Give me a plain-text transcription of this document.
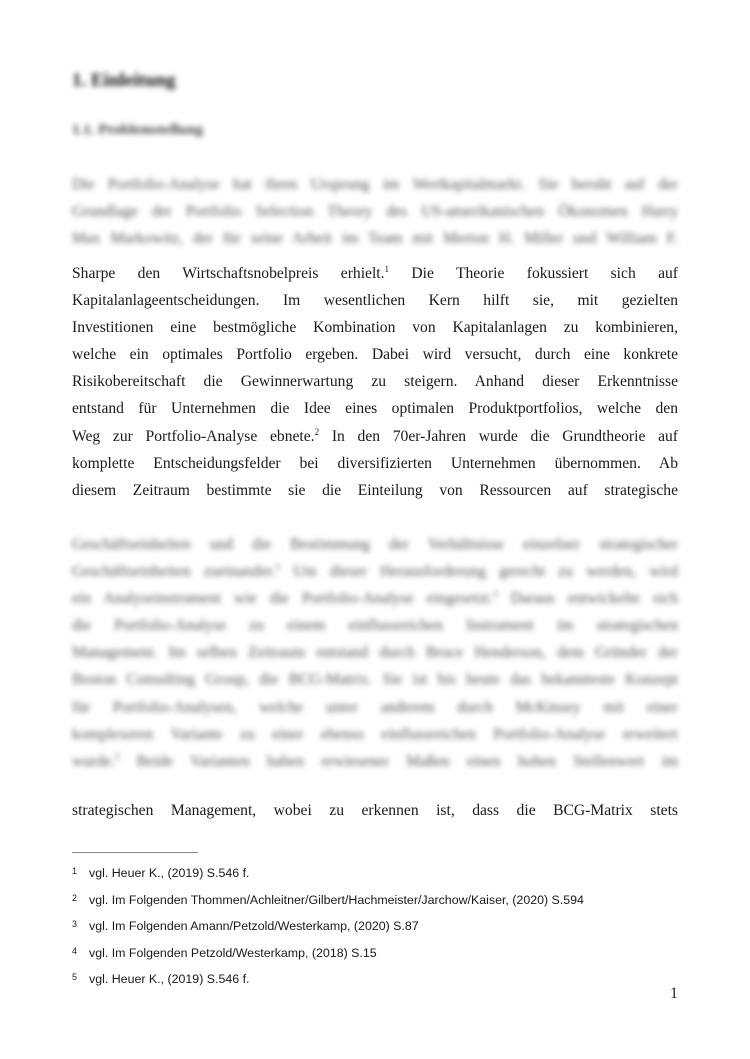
1. Einleitung
1.1. Problemstellung
Die Portfolio-Analyse hat ihren Ursprung im Wertkapitalmarkt. Sie beruht auf der
Grundlage der Portfolio Selection Theory des US-amerikanischen Ökonomen Harry
Max Markowitz, der für seine Arbeit im Team mit Merton H. Miller und William F.
Sharpe den Wirtschaftsnobelpreis erhielt.$^1$ Die Theorie fokussiert sich auf
Kapitalanlageentscheidungen. Im wesentlichen Kern hilft sie, mit gezielten
Investitionen eine bestmögliche Kombination von Kapitalanlagen zu kombinieren,
welche ein optimales Portfolio ergeben. Dabei wird versucht, durch eine konkrete
Risikobereitschaft die Gewinnerwartung zu steigern. Anhand dieser Erkenntnisse
entstand für Unternehmen die Idee eines optimalen Produktportfolios, welche den
Weg zur Portfolio-Analyse ebnete.$^2$ In den 70er-Jahren wurde die Grundtheorie auf
komplette Entscheidungsfelder bei diversifizierten Unternehmen übernommen. Ab
diesem Zeitraum bestimmte sie die Einteilung von Ressourcen auf strategische
Geschäftseinheiten und die Bestimmung der Verhältnisse einzelner strategischer
Geschäftseinheiten zueinander.$^3$ Um dieser Herausforderung gerecht zu werden, wird
ein Analyseinstrument wie die Portfolio-Analyse eingesetzt.$^4$ Daraus entwickelte sich
die Portfolio-Analyse zu einem einflussreichen Instrument im strategischen
Management. Im selben Zeitraum entstand durch Bruce Henderson, dem Gründer der
Boston Consulting Group, die BCG-Matrix. Sie ist bis heute das bekannteste Konzept
für Portfolio-Analysen, welche unter anderem durch McKinsey mit einer
komplexeren Variante zu einer ebenso einflussreichen Portfolio-Analyse erweitert
wurde.$^5$ Beide Varianten haben erwiesener Maßen einen hohen Stellenwert im
strategischen Management, wobei zu erkennen ist, dass die BCG-Matrix stets
1 vgl. Heuer K., (2019) S.546 f.
2 vgl. Im Folgenden Thommen/Achleitner/Gilbert/Hachmeister/Jarchow/Kaiser, (2020) S.594
3 vgl. Im Folgenden Amann/Petzold/Westerkamp, (2020) S.87
4 vgl. Im Folgenden Petzold/Westerkamp, (2018) S.15
5 vgl. Heuer K., (2019) S.546 f.
1
